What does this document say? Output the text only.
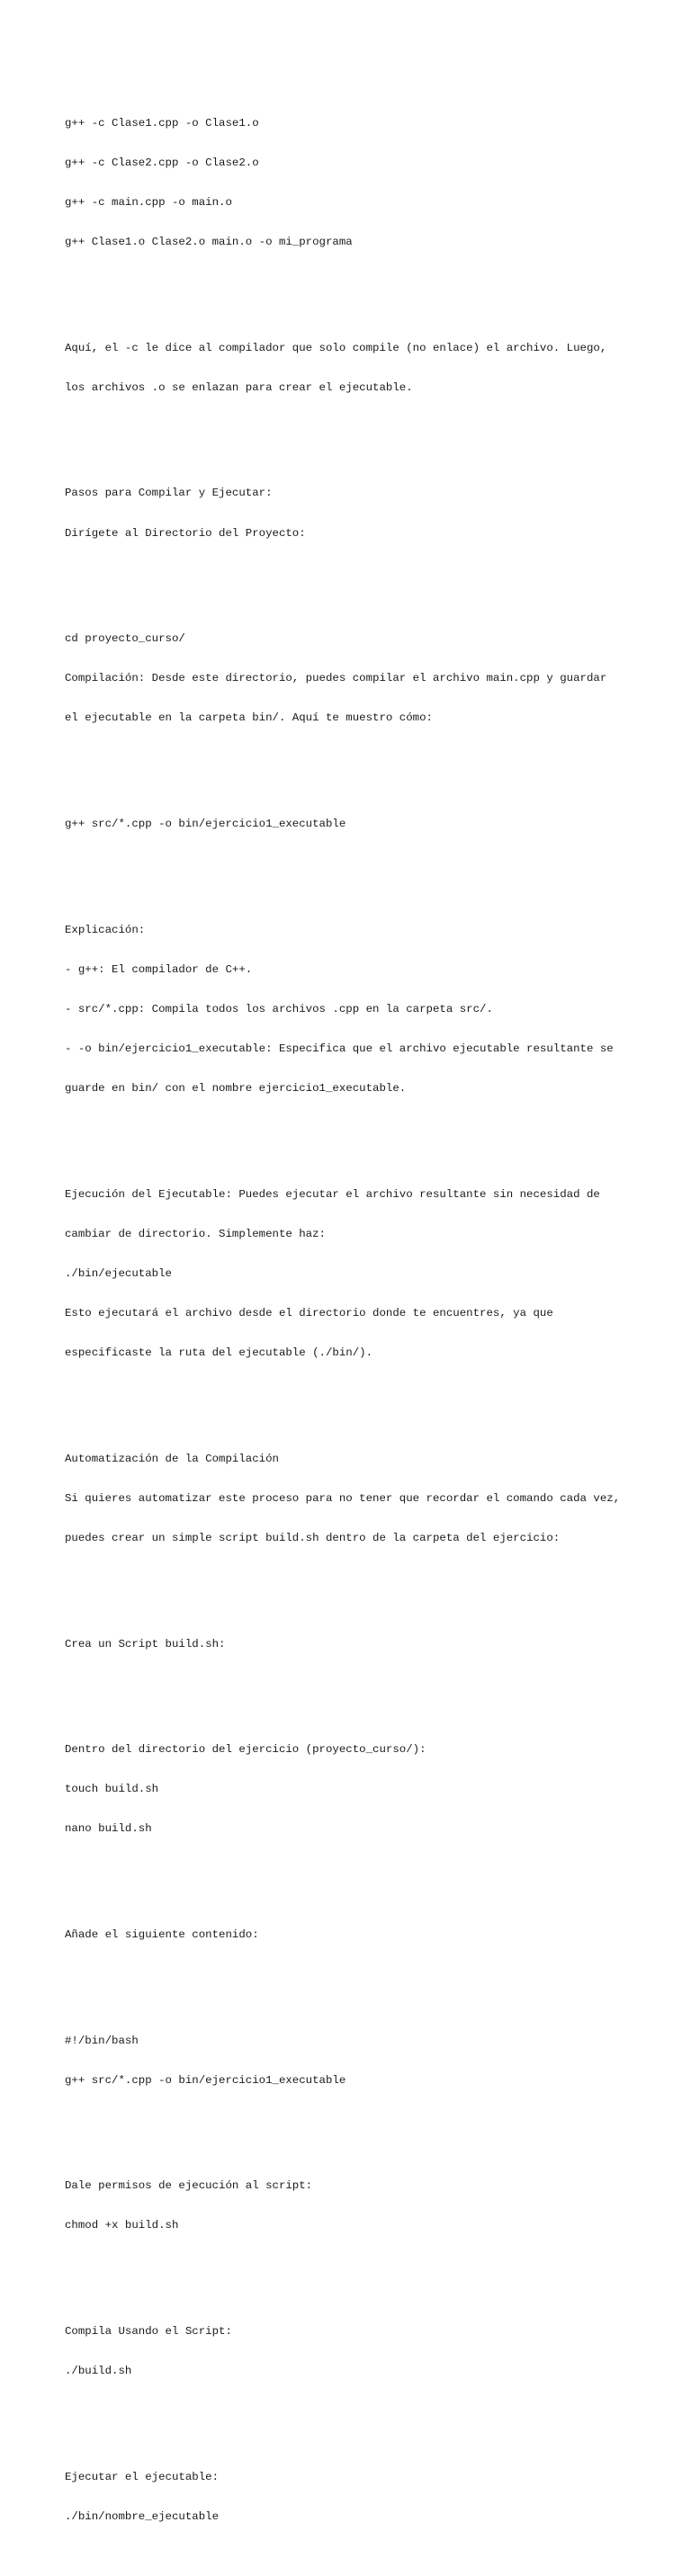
g++ -c Clase1.cpp -o Clase1.o

g++ -c Clase2.cpp -o Clase2.o

g++ -c main.cpp -o main.o

g++ Clase1.o Clase2.o main.o -o mi_programa

Aquí, el -c le dice al compilador que solo compile (no enlace) el archivo. Luego,

los archivos .o se enlazan para crear el ejecutable.

Pasos para Compilar y Ejecutar:

Dirígete al Directorio del Proyecto:

cd proyecto_curso/

Compilación: Desde este directorio, puedes compilar el archivo main.cpp y guardar

el ejecutable en la carpeta bin/. Aquí te muestro cómo:

g++ src/*.cpp -o bin/ejercicio1_executable

Explicación:

- g++: El compilador de C++.

- src/*.cpp: Compila todos los archivos .cpp en la carpeta src/.

- -o bin/ejercicio1_executable: Especifica que el archivo ejecutable resultante se

guarde en bin/ con el nombre ejercicio1_executable.

Ejecución del Ejecutable: Puedes ejecutar el archivo resultante sin necesidad de

cambiar de directorio. Simplemente haz:

./bin/ejecutable

Esto ejecutará el archivo desde el directorio donde te encuentres, ya que

especificaste la ruta del ejecutable (./bin/).

Automatización de la Compilación

Si quieres automatizar este proceso para no tener que recordar el comando cada vez,

puedes crear un simple script build.sh dentro de la carpeta del ejercicio:

Crea un Script build.sh:

Dentro del directorio del ejercicio (proyecto_curso/):

touch build.sh

nano build.sh

Añade el siguiente contenido:

#!/bin/bash

g++ src/*.cpp -o bin/ejercicio1_executable

Dale permisos de ejecución al script:

chmod +x build.sh

Compila Usando el Script:

./build.sh

Ejecutar el ejecutable:

./bin/nombre_ejecutable
